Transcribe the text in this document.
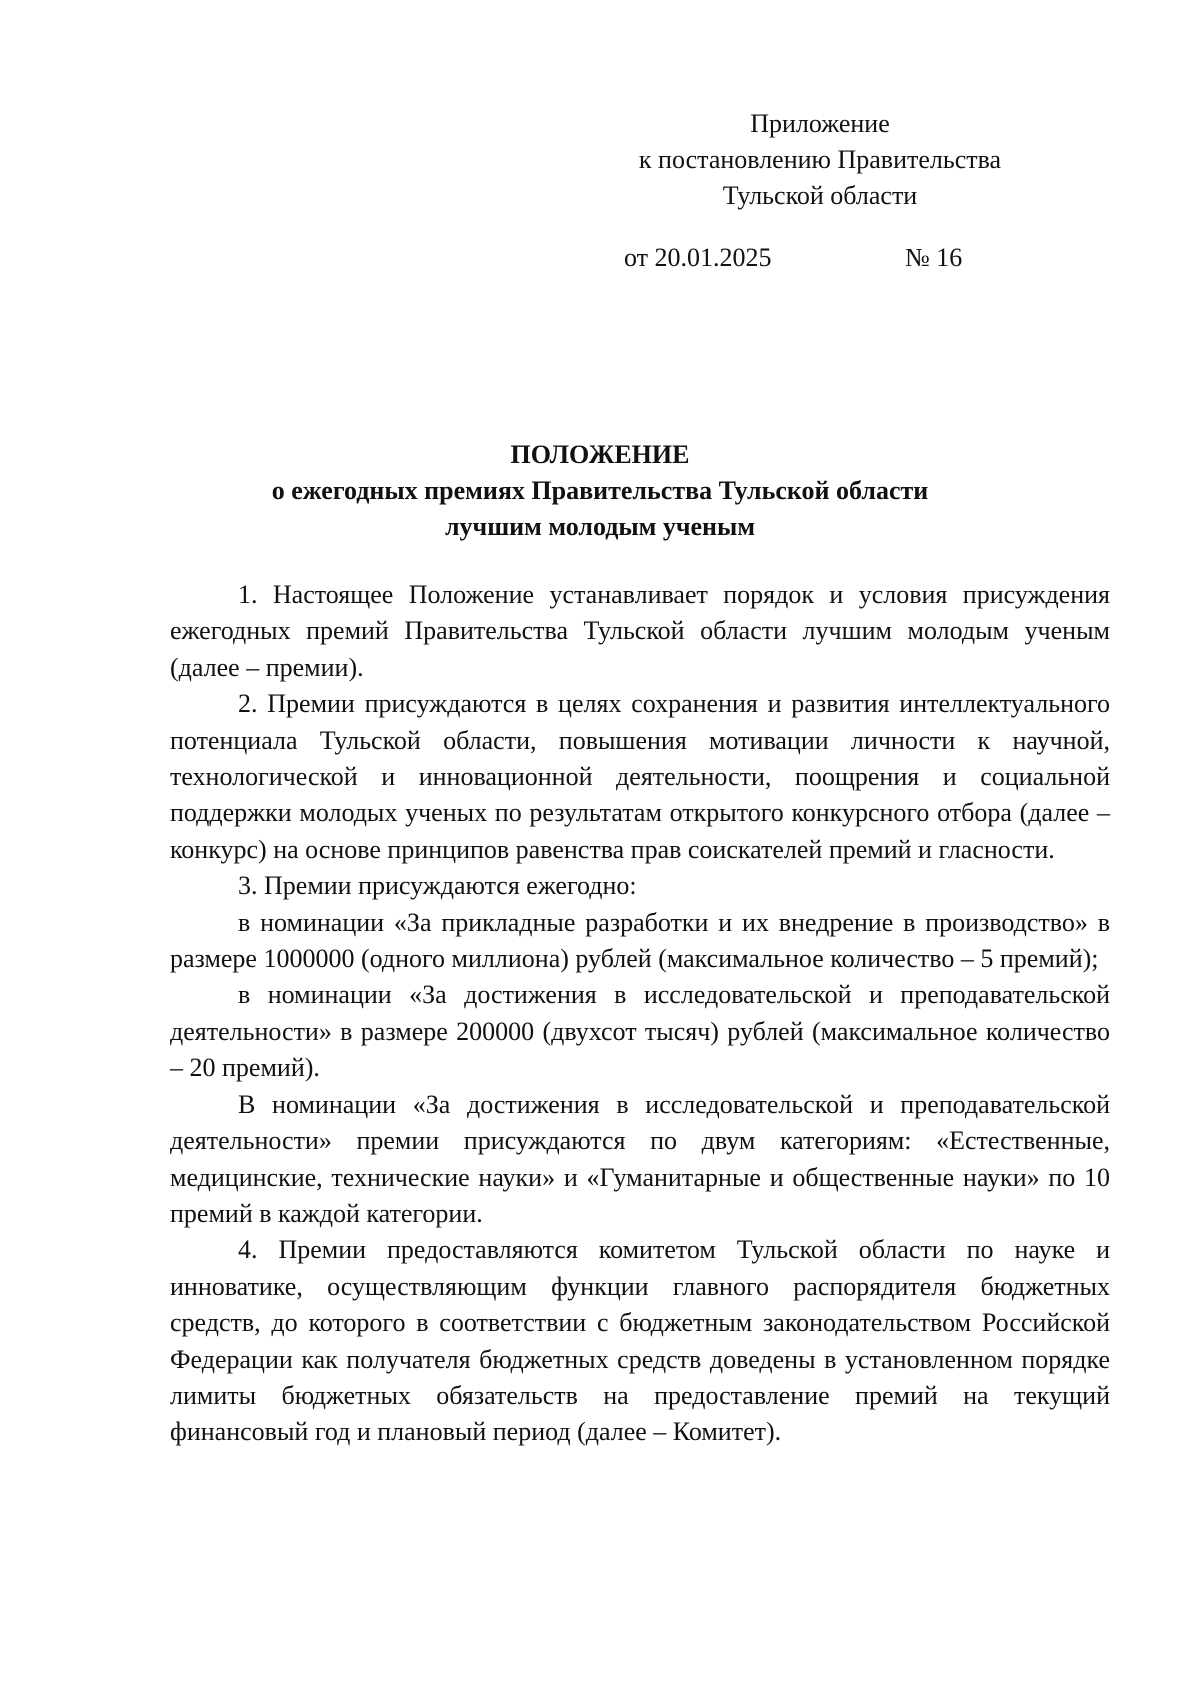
Приложение
к постановлению Правительства
Тульской области
от 20.01.2025	№ 16
ПОЛОЖЕНИЕ
о ежегодных премиях Правительства Тульской области
лучшим молодым ученым

1. Настоящее Положение устанавливает порядок и условия присуждения ежегодных премий Правительства Тульской области лучшим молодым ученым (далее – премии).

2. Премии присуждаются в целях сохранения и развития интеллектуального потенциала Тульской области, повышения мотивации личности к научной, технологической и инновационной деятельности, поощрения и социальной поддержки молодых ученых по результатам открытого конкурсного отбора (далее – конкурс) на основе принципов равенства прав соискателей премий и гласности.

3. Премии присуждаются ежегодно:

в номинации «За прикладные разработки и их внедрение в производство» в размере 1000000 (одного миллиона) рублей (максимальное количество – 5 премий);

в номинации «За достижения в исследовательской и преподавательской деятельности» в размере 200000 (двухсот тысяч) рублей (максимальное количество – 20 премий).

В номинации «За достижения в исследовательской и преподавательской деятельности» премии присуждаются по двум категориям: «Естественные, медицинские, технические науки» и «Гуманитарные и общественные науки» по 10 премий в каждой категории.

4. Премии предоставляются комитетом Тульской области по науке и инноватике, осуществляющим функции главного распорядителя бюджетных средств, до которого в соответствии с бюджетным законодательством Российской Федерации как получателя бюджетных средств доведены в установленном порядке лимиты бюджетных обязательств на предоставление премий на текущий финансовый год и плановый период (далее – Комитет).
